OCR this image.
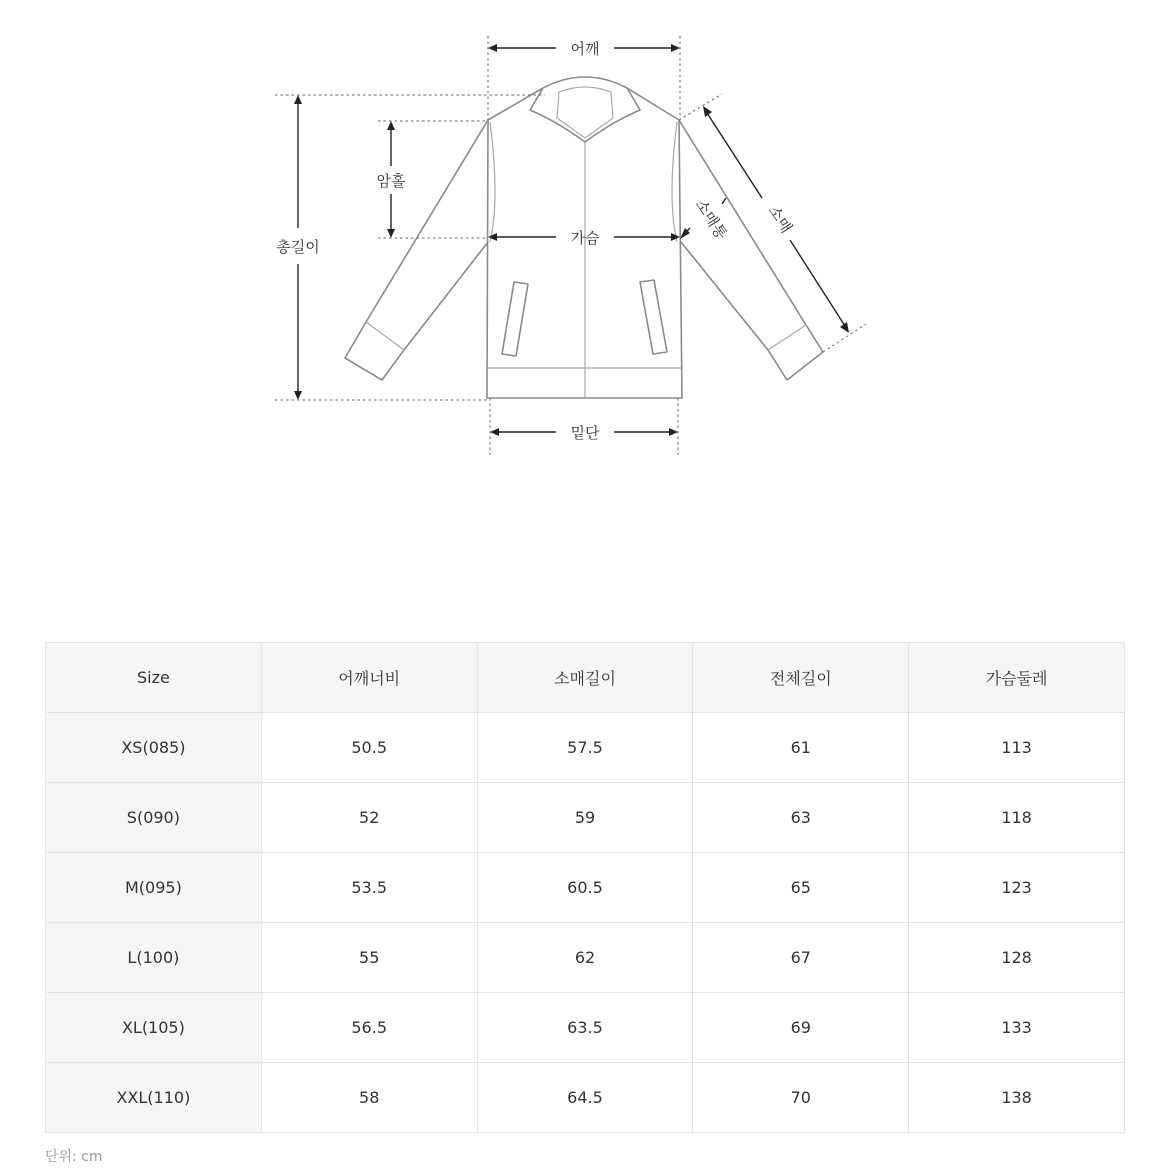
어깨
총길이
암홀
가슴
밑단
소매
소매통
Size	어깨너비	소매길이	전체길이	가슴둘레
XS(085)	50.5	57.5	61	113
S(090)	52	59	63	118
M(095)	53.5	60.5	65	123
L(100)	55	62	67	128
XL(105)	56.5	63.5	69	133
XXL(110)	58	64.5	70	138
단위: cm
